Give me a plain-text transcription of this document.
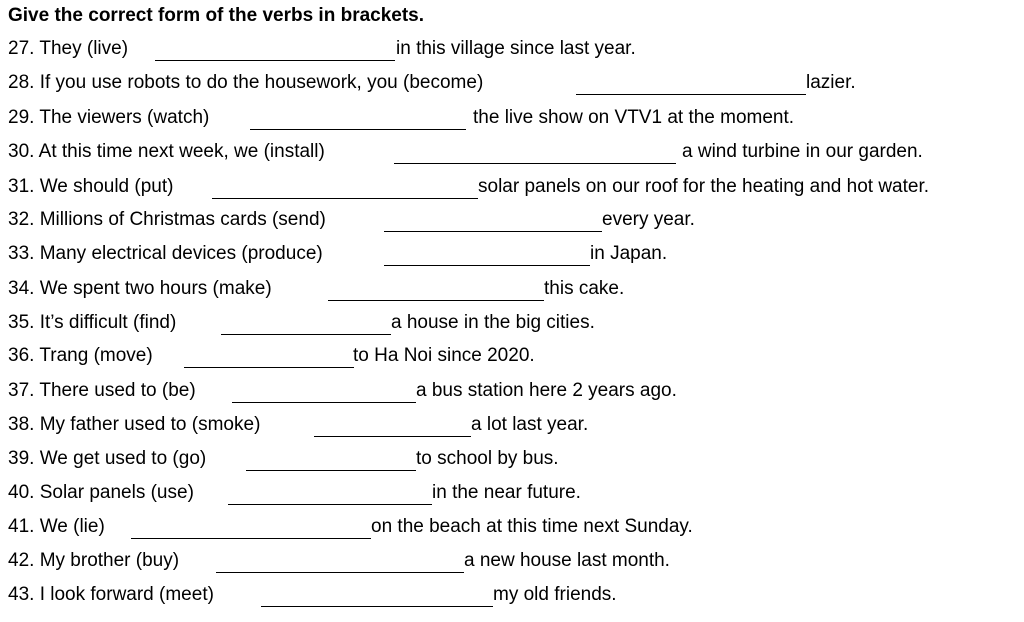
Give the correct form of the verbs in brackets.
27. They (live)	in this village since last year.
28. If you use robots to do the housework, you (become)	lazier.
29. The viewers (watch)	the live show on VTV1 at the moment.
30. At this time next week, we (install)	a wind turbine in our garden.
31. We should (put)	solar panels on our roof for the heating and hot water.
32. Millions of Christmas cards (send)	every year.
33. Many electrical devices (produce)	in Japan.
34. We spent two hours (make)	this cake.
35. It’s difficult (find)	a house in the big cities.
36. Trang (move)	to Ha Noi since 2020.
37. There used to (be)	a bus station here 2 years ago.
38. My father used to (smoke)	a lot last year.
39. We get used to (go)	to school by bus.
40. Solar panels (use)	in the near future.
41. We (lie)	on the beach at this time next Sunday.
42. My brother (buy)	a new house last month.
43. I look forward (meet)	my old friends.
